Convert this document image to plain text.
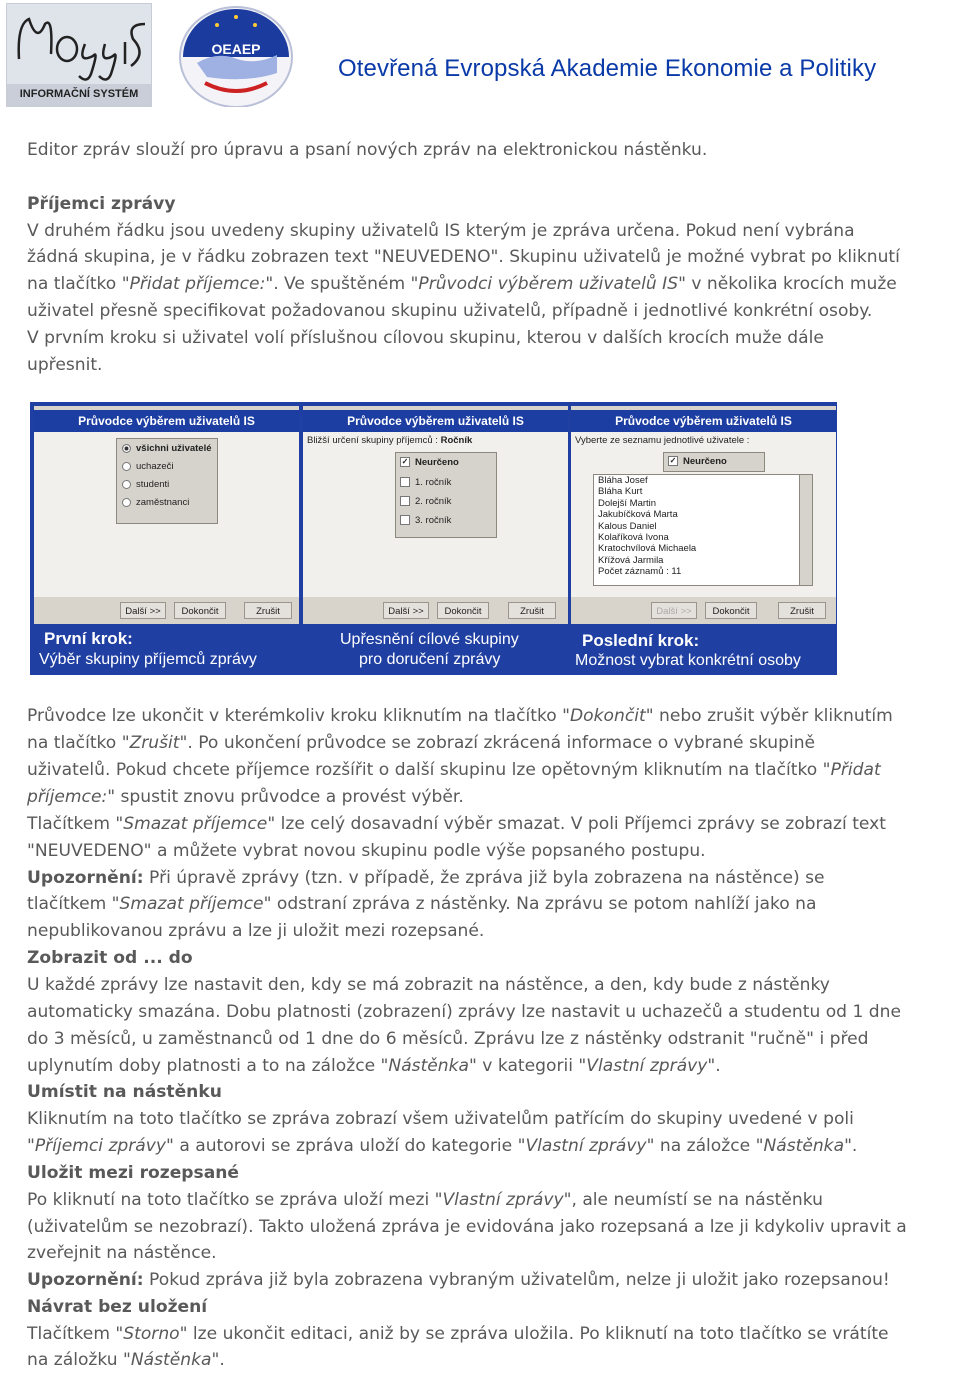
INFORMAČNÍ SYSTÉM
OEAEP
Otevřená Evropská Akademie Ekonomie a Politiky

Editor zpráv slouží pro úpravu a psaní nových zpráv na elektronickou nástěnku.

Příjemci zprávy

V druhém řádku jsou uvedeny skupiny uživatelů IS kterým je zpráva určena. Pokud není vybrána

žádná skupina, je v řádku zobrazen text "NEUVEDENO". Skupinu uživatelů je možné vybrat po kliknutí

na tlačítko "Přidat příjemce:". Ve spuštěném "Průvodci výběrem uživatelů IS" v několika krocích muže

uživatel přesně specifikovat požadovanou skupinu uživatelů, případně i jednotlivé konkrétní osoby.

V prvním kroku si uživatel volí příslušnou cílovou skupinu, kterou v dalších krocích muže dále

upřesnit.

Průvodce výběrem uživatelů IS
všichni uživatelé
uchazeči
studenti
zaměstnanci
Další >>	Dokončit	Zrušit
Průvodce výběrem uživatelů IS
Bližší určení skupiny příjemců : Ročník
✓ Neurčeno
1. ročník
2. ročník
3. ročník
Další >>	Dokončit	Zrušit
Průvodce výběrem uživatelů IS
Vyberte ze seznamu jednotlivé uživatele :
✓ Neurčeno
Bláha Josef
Bláha Kurt
Dolejší Martin
Jakubíčková Marta
Kalous Daniel
Kolaříková Ivona
Kratochvílová Michaela
Křížová Jarmila
Počet záznamů : 11
Další >>	Dokončit	Zrušit
První krok:
Výběr skupiny příjemců zprávy
Upřesnění cílové skupiny
pro doručení zprávy
Poslední krok:
Možnost vybrat konkrétní osoby

Průvodce lze ukončit v kterémkoliv kroku kliknutím na tlačítko "Dokončit" nebo zrušit výběr kliknutím

na tlačítko "Zrušit". Po ukončení průvodce se zobrazí zkrácená informace o vybrané skupině

uživatelů. Pokud chcete příjemce rozšířit o další skupinu lze opětovným kliknutím na tlačítko "Přidat

příjemce:" spustit znovu průvodce a provést výběr.

Tlačítkem "Smazat příjemce" lze celý dosavadní výběr smazat. V poli Příjemci zprávy se zobrazí text

"NEUVEDENO" a můžete vybrat novou skupinu podle výše popsaného postupu.

Upozornění: Při úpravě zprávy (tzn. v případě, že zpráva již byla zobrazena na nástěnce) se

tlačítkem "Smazat příjemce" odstraní zpráva z nástěnky. Na zprávu se potom nahlíží jako na

nepublikovanou zprávu a lze ji uložit mezi rozepsané.

Zobrazit od ... do

U každé zprávy lze nastavit den, kdy se má zobrazit na nástěnce, a den, kdy bude z nástěnky

automaticky smazána. Dobu platnosti (zobrazení) zprávy lze nastavit u uchazečů a studentu od 1 dne

do 3 měsíců, u zaměstnanců od 1 dne do 6 měsíců. Zprávu lze z nástěnky odstranit "ručně" i před

uplynutím doby platnosti a to na záložce "Nástěnka" v kategorii "Vlastní zprávy".

Umístit na nástěnku

Kliknutím na toto tlačítko se zpráva zobrazí všem uživatelům patřícím do skupiny uvedené v poli

"Příjemci zprávy" a autorovi se zpráva uloží do kategorie "Vlastní zprávy" na záložce "Nástěnka".

Uložit mezi rozepsané

Po kliknutí na toto tlačítko se zpráva uloží mezi "Vlastní zprávy", ale neumístí se na nástěnku

(uživatelům se nezobrazí). Takto uložená zpráva je evidována jako rozepsaná a lze ji kdykoliv upravit a

zveřejnit na nástěnce.

Upozornění: Pokud zpráva již byla zobrazena vybraným uživatelům, nelze ji uložit jako rozepsanou!

Návrat bez uložení

Tlačítkem "Storno" lze ukončit editaci, aniž by se zpráva uložila. Po kliknutí na toto tlačítko se vrátíte

na záložku "Nástěnka".
